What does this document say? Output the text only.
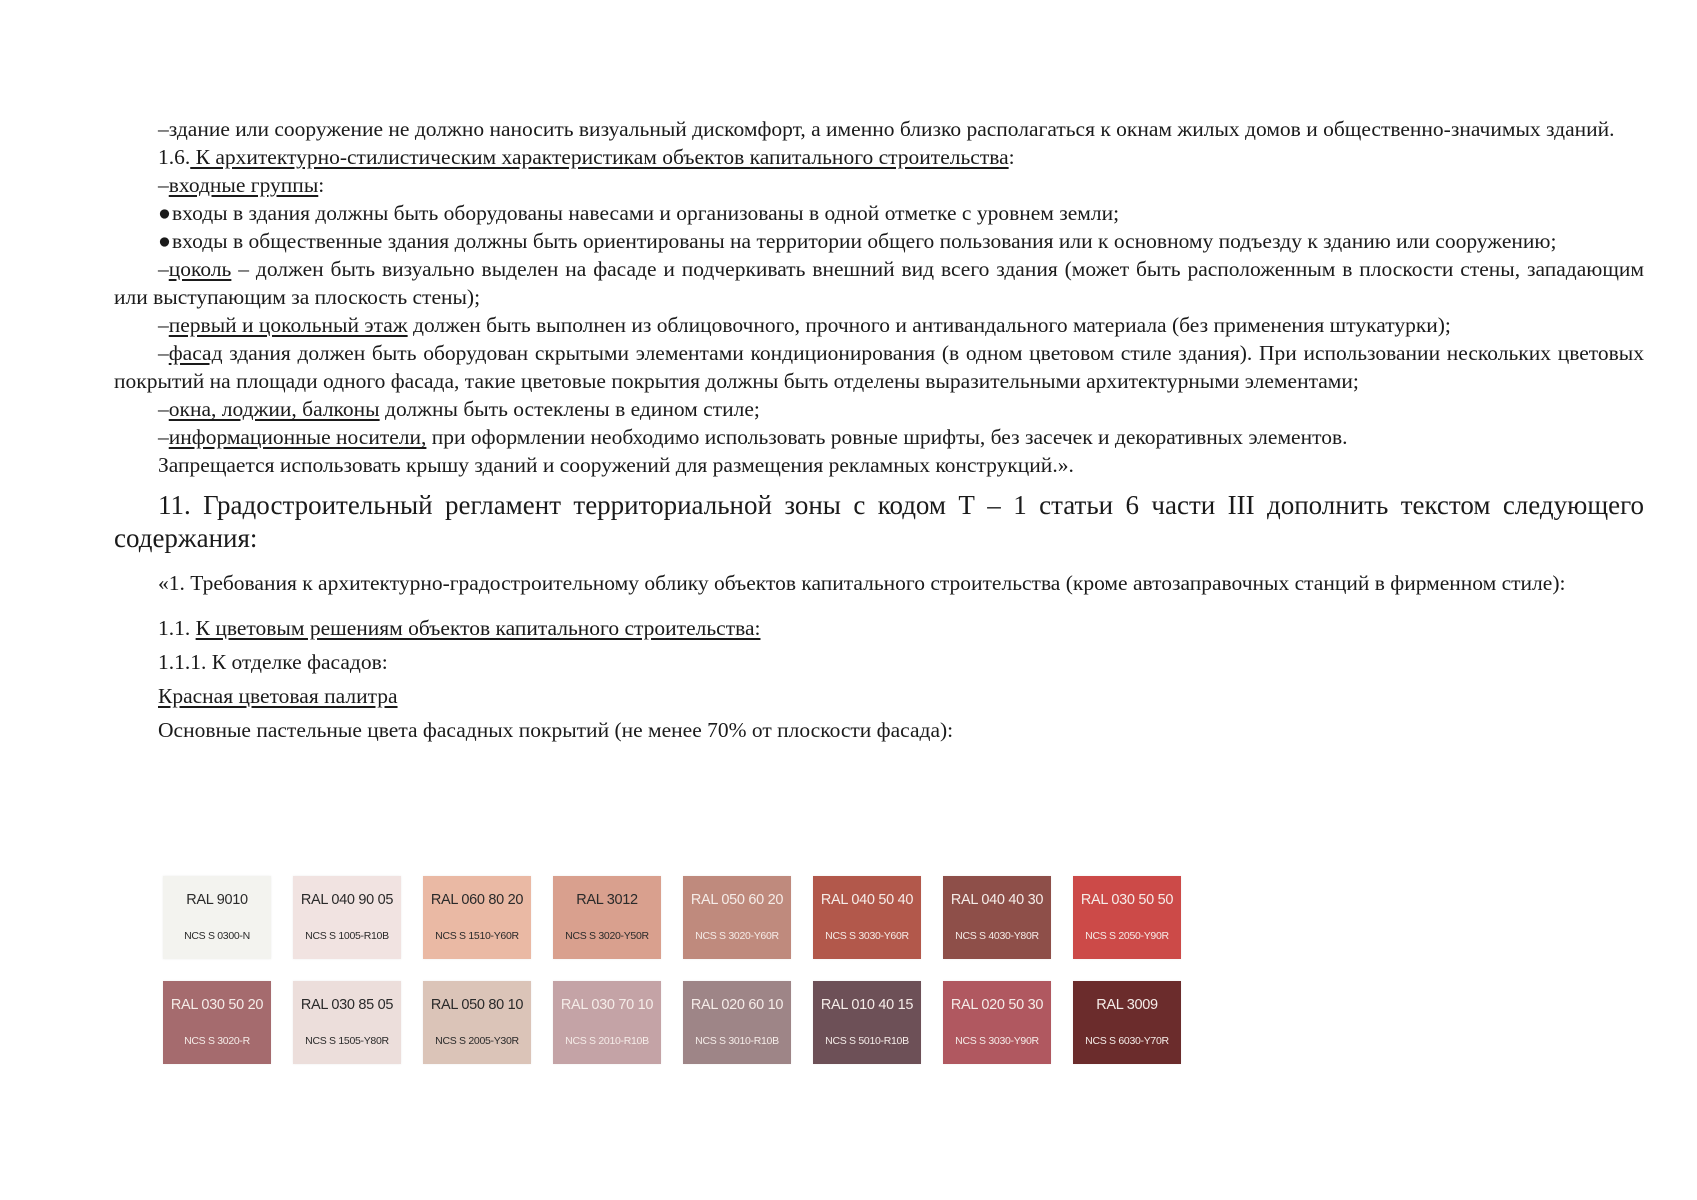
–здание или сооружение не должно наносить визуальный дискомфорт, а именно близко располагаться к окнам жилых домов и общественно-значимых зданий.

1.6. К архитектурно-стилистическим характеристикам объектов капитального строительства:

–входные группы:

●входы в здания должны быть оборудованы навесами и организованы в одной отметке с уровнем земли;

●входы в общественные здания должны быть ориентированы на территории общего пользования или к основному подъезду к зданию или сооружению;

–цоколь – должен быть визуально выделен на фасаде и подчеркивать внешний вид всего здания (может быть расположенным в плоскости стены, западающим или выступающим за плоскость стены);

–первый и цокольный этаж должен быть выполнен из облицовочного, прочного и антивандального материала (без применения штукатурки);

–фасад здания должен быть оборудован скрытыми элементами кондиционирования (в одном цветовом стиле здания). При использовании нескольких цветовых покрытий на площади одного фасада, такие цветовые покрытия должны быть отделены выразительными архитектурными элементами;

–окна, лоджии, балконы должны быть остеклены в едином стиле;

–информационные носители, при оформлении необходимо использовать ровные шрифты, без засечек и декоративных элементов.

Запрещается использовать крышу зданий и сооружений для размещения рекламных конструкций.».

11. Градостроительный регламент территориальной зоны с кодом Т – 1 статьи 6 части III дополнить текстом следующего содержания:

«1. Требования к архитектурно-градостроительному облику объектов капитального строительства (кроме автозаправочных станций в фирменном стиле):

1.1. К цветовым решениям объектов капитального строительства:

1.1.1. К отделке фасадов:

Красная цветовая палитра

Основные пастельные цвета фасадных покрытий (не менее 70% от плоскости фасада):

RAL 9010
NCS S 0300-N
RAL 040 90 05
NCS S 1005-R10B
RAL 060 80 20
NCS S 1510-Y60R
RAL 3012
NCS S 3020-Y50R
RAL 050 60 20
NCS S 3020-Y60R
RAL 040 50 40
NCS S 3030-Y60R
RAL 040 40 30
NCS S 4030-Y80R
RAL 030 50 50
NCS S 2050-Y90R
RAL 030 50 20
NCS S 3020-R
RAL 030 85 05
NCS S 1505-Y80R
RAL 050 80 10
NCS S 2005-Y30R
RAL 030 70 10
NCS S 2010-R10B
RAL 020 60 10
NCS S 3010-R10B
RAL 010 40 15
NCS S 5010-R10B
RAL 020 50 30
NCS S 3030-Y90R
RAL 3009
NCS S 6030-Y70R
